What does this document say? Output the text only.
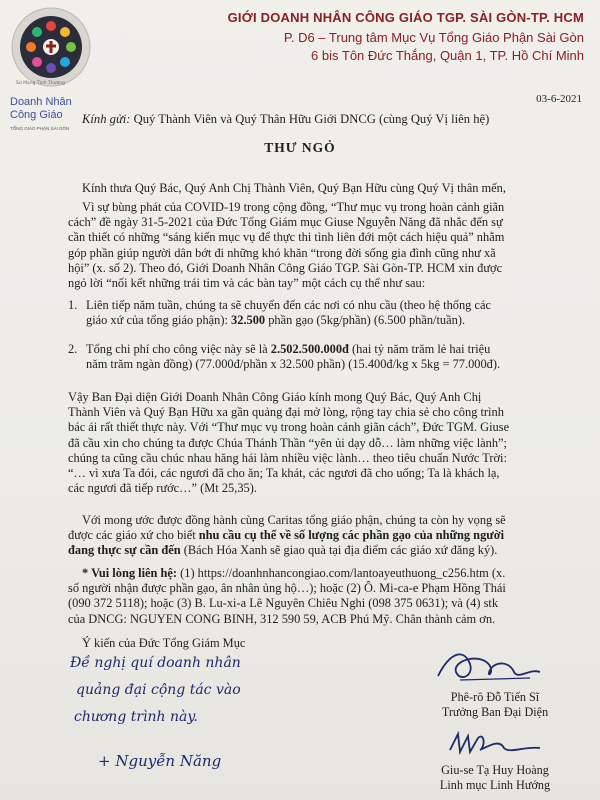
Sứ Mạng Tình Thương
GIỚI DOANH NHÂN CÔNG GIÁO TGP. SÀI GÒN-TP. HCM
P. D6 – Trung tâm Mục Vụ Tổng Giáo Phận Sài Gòn
6 bis Tôn Đức Thắng, Quận 1, TP. Hồ Chí Minh
Doanh Nhân
Công Giáo
TỔNG GIÁO PHẬN SÀI GÒN
03-6-2021
Kính gửi: Quý Thành Viên và Quý Thân Hữu Giới DNCG (cùng Quý Vị liên hệ)
THƯ NGỎ
Kính thưa Quý Bác, Quý Anh Chị Thành Viên, Quý Bạn Hữu cùng Quý Vị thân mến,
Vì sự bùng phát của COVID-19 trong cộng đồng, “Thư mục vụ trong hoàn cảnh giãn
cách” đề ngày 31-5-2021 của Đức Tổng Giám mục Giuse Nguyễn Năng đã nhắc đến sự
cần thiết có những “sáng kiến mục vụ để thực thi tình liên đới một cách hiệu quả” nhằm
góp phần giúp người dân bớt đi những khó khăn “trong đời sống gia đình cũng như xã
hội” (x. số 2). Theo đó, Giới Doanh Nhân Công Giáo TGP. Sài Gòn-TP. HCM xin được
ngỏ lời “nối kết những trái tim và các bàn tay” một cách cụ thể như sau:
1. Liên tiếp năm tuần, chúng ta sẽ chuyển đến các nơi có nhu cầu (theo hệ thống các
giáo xứ của tổng giáo phận): 32.500 phần gạo (5kg/phần) (6.500 phần/tuần).
2. Tổng chi phí cho công việc này sẽ là 2.502.500.000đ (hai tỷ năm trăm lẻ hai triệu
năm trăm ngàn đồng) (77.000đ/phần x 32.500 phần) (15.400đ/kg x 5kg = 77.000đ).
Vậy Ban Đại diện Giới Doanh Nhân Công Giáo kính mong Quý Bác, Quý Anh Chị
Thành Viên và Quý Bạn Hữu xa gần quảng đại mở lòng, rộng tay chia sẻ cho công trình
bác ái rất thiết thực này. Với “Thư mục vụ trong hoàn cảnh giãn cách”, Đức TGM. Giuse
đã cầu xin cho chúng ta được Chúa Thánh Thần “yên ủi dạy dỗ… làm những việc lành”;
chúng ta cũng cầu chúc nhau hăng hái làm nhiều việc lành… theo tiêu chuẩn Nước Trời:
“… vì xưa Ta đói, các ngươi đã cho ăn; Ta khát, các ngươi đã cho uống; Ta là khách lạ,
các ngươi đã tiếp rước…” (Mt 25,35).
Với mong ước được đồng hành cùng Caritas tổng giáo phận, chúng ta còn hy vọng sẽ
được các giáo xứ cho biết nhu cầu cụ thể về số lượng các phần gạo của những người
đang thực sự cần đến (Bách Hóa Xanh sẽ giao quà tại địa điểm các giáo xứ đăng ký).
* Vui lòng liên hệ: (1) https://doanhnhancongiao.com/lantoayeuthuong_c256.htm (x.
số người nhận được phần gạo, ân nhân ủng hộ…); hoặc (2) Ô. Mi-ca-e Phạm Hồng Thái
(090 372 5118); hoặc (3) B. Lu-xi-a Lê Nguyên Chiêu Nghi (098 375 0631); và (4) stk
của DNCG: NGUYEN CONG BINH, 312 590 59, ACB Phú Mỹ. Chân thành cảm ơn.
Ý kiến của Đức Tổng Giám Mục
Đề nghị quí doanh nhân
quảng đại cộng tác vào
chương trình này.
+ Nguyễn Năng
Phê-rô Đỗ Tiến Sĩ
Trưởng Ban Đại Diện
Giu-se Tạ Huy Hoàng
Linh mục Linh Hướng
